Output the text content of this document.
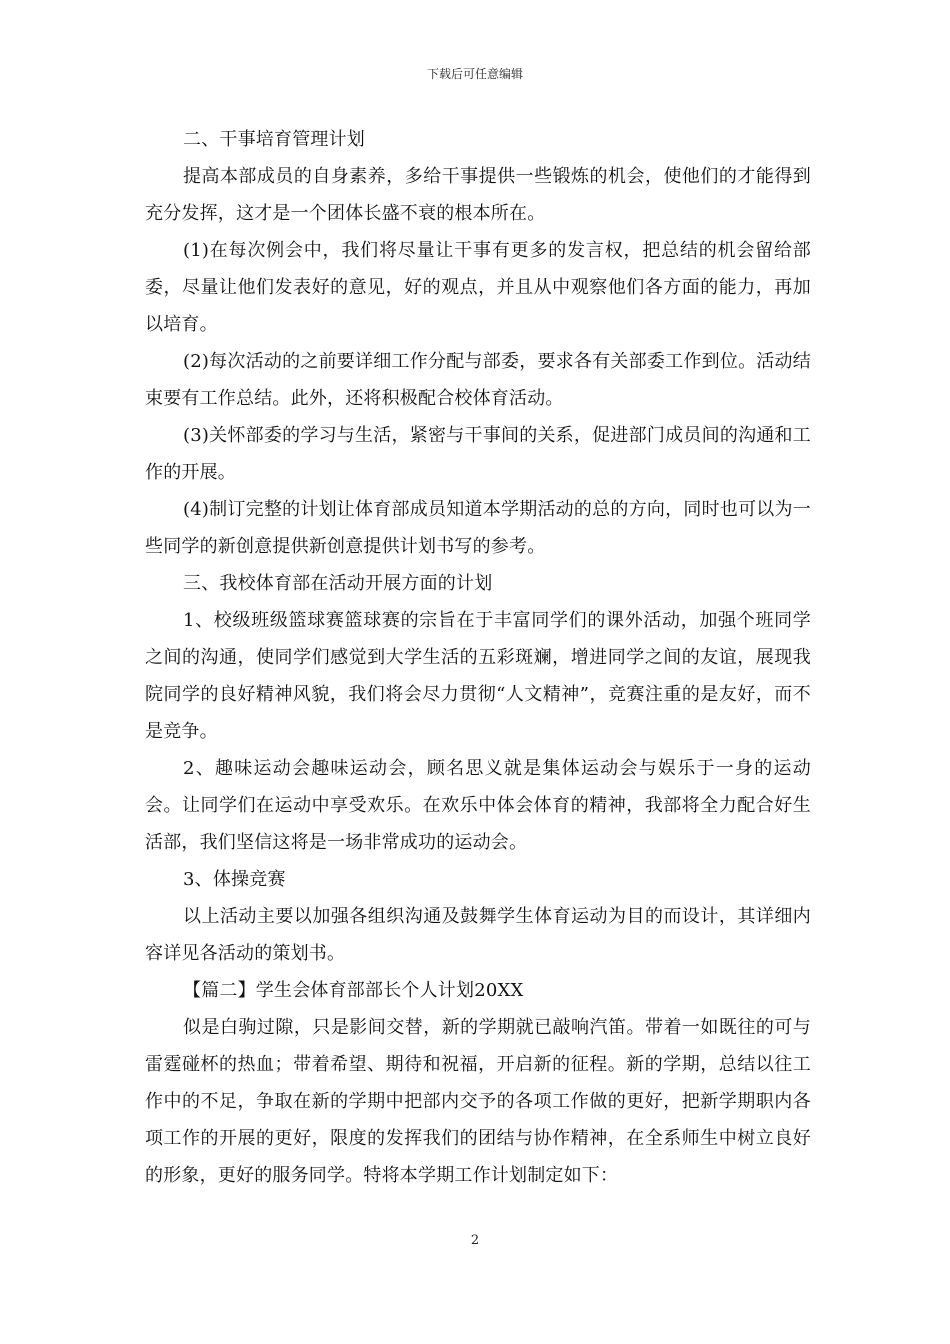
下载后可任意编辑

二、干事培育管理计划

提高本部成员的自身素养，多给干事提供一些锻炼的机会，使他们的才能得到充分发挥，这才是一个团体长盛不衰的根本所在。

(1)在每次例会中，我们将尽量让干事有更多的发言权，把总结的机会留给部委，尽量让他们发表好的意见，好的观点，并且从中观察他们各方面的能力，再加以培育。

(2)每次活动的之前要详细工作分配与部委，要求各有关部委工作到位。活动结束要有工作总结。此外，还将积极配合校体育活动。

(3)关怀部委的学习与生活，紧密与干事间的关系，促进部门成员间的沟通和工作的开展。

(4)制订完整的计划让体育部成员知道本学期活动的总的方向，同时也可以为一些同学的新创意提供新创意提供计划书写的参考。

三、我校体育部在活动开展方面的计划

1、校级班级篮球赛篮球赛的宗旨在于丰富同学们的课外活动，加强个班同学之间的沟通，使同学们感觉到大学生活的五彩斑斓，增进同学之间的友谊，展现我院同学的良好精神风貌，我们将会尽力贯彻“人文精神”，竞赛注重的是友好，而不是竞争。

2、趣味运动会趣味运动会，顾名思义就是集体运动会与娱乐于一身的运动会。让同学们在运动中享受欢乐。在欢乐中体会体育的精神，我部将全力配合好生活部，我们坚信这将是一场非常成功的运动会。

3、体操竞赛

以上活动主要以加强各组织沟通及鼓舞学生体育运动为目的而设计，其详细内容详见各活动的策划书。

【篇二】学生会体育部部长个人计划20XX

似是白驹过隙，只是影间交替，新的学期就已敲响汽笛。带着一如既往的可与雷霆碰杯的热血；带着希望、期待和祝福，开启新的征程。新的学期，总结以往工作中的不足，争取在新的学期中把部内交予的各项工作做的更好，把新学期职内各项工作的开展的更好，限度的发挥我们的团结与协作精神，在全系师生中树立良好的形象，更好的服务同学。特将本学期工作计划制定如下：

2
